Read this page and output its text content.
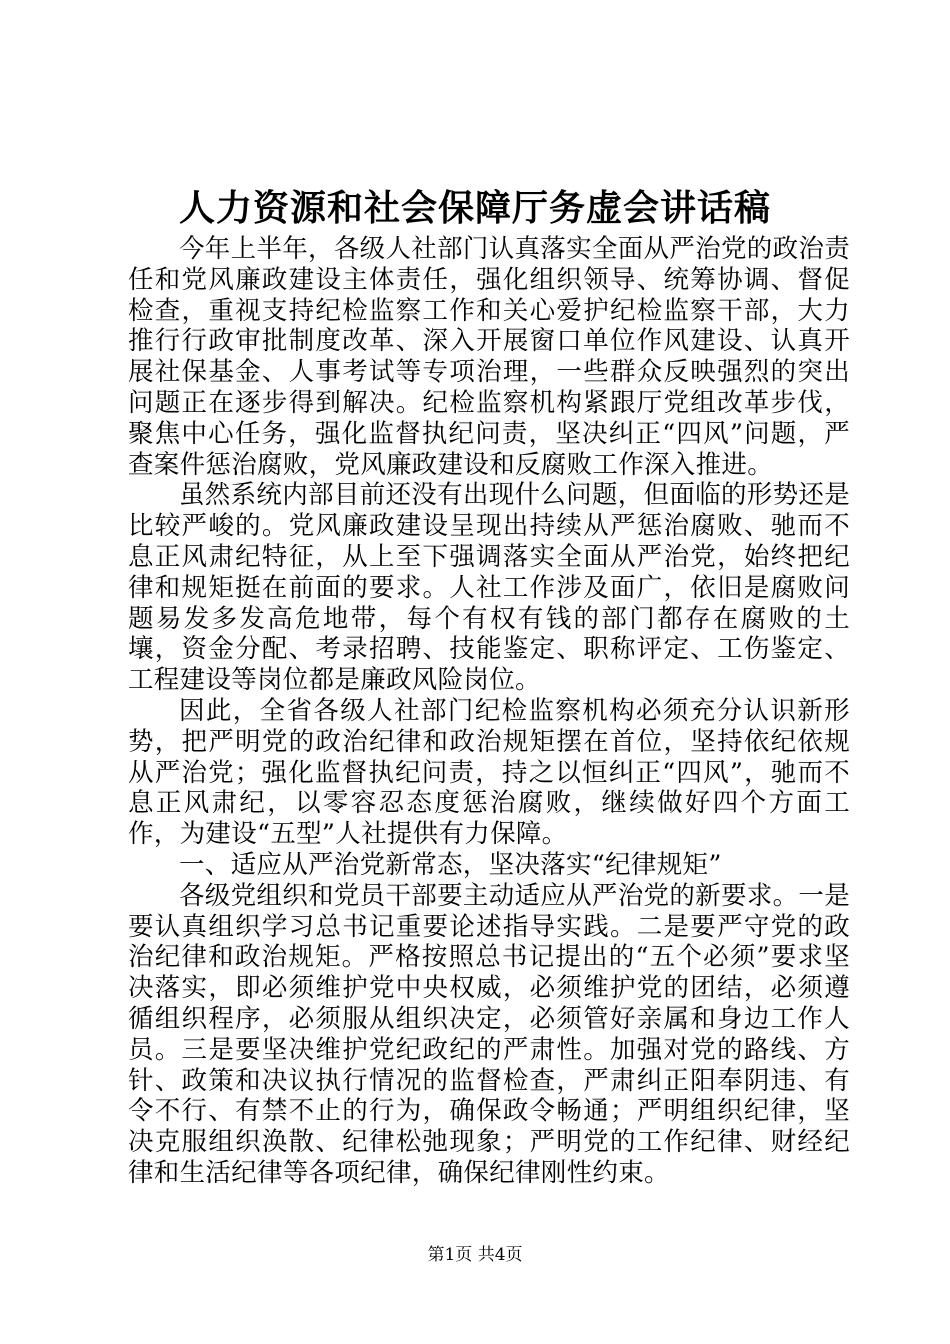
人力资源和社会保障厅务虚会讲话稿

今年上半年，各级人社部门认真落实全面从严治党的政治责任和党风廉政建设主体责任，强化组织领导、统筹协调、督促检查，重视支持纪检监察工作和关心爱护纪检监察干部，大力推行行政审批制度改革、深入开展窗口单位作风建设、认真开展社保基金、人事考试等专项治理，一些群众反映强烈的突出问题正在逐步得到解决。纪检监察机构紧跟厅党组改革步伐，聚焦中心任务，强化监督执纪问责，坚决纠正“四风”问题，严查案件惩治腐败，党风廉政建设和反腐败工作深入推进。

虽然系统内部目前还没有出现什么问题，但面临的形势还是比较严峻的。党风廉政建设呈现出持续从严惩治腐败、驰而不息正风肃纪特征，从上至下强调落实全面从严治党，始终把纪律和规矩挺在前面的要求。人社工作涉及面广，依旧是腐败问题易发多发高危地带，每个有权有钱的部门都存在腐败的土壤，资金分配、考录招聘、技能鉴定、职称评定、工伤鉴定、工程建设等岗位都是廉政风险岗位。

因此，全省各级人社部门纪检监察机构必须充分认识新形势，把严明党的政治纪律和政治规矩摆在首位，坚持依纪依规从严治党；强化监督执纪问责，持之以恒纠正“四风”，驰而不息正风肃纪，以零容忍态度惩治腐败，继续做好四个方面工作，为建设“五型”人社提供有力保障。

一、适应从严治党新常态，坚决落实“纪律规矩”

各级党组织和党员干部要主动适应从严治党的新要求。一是要认真组织学习总书记重要论述指导实践。二是要严守党的政治纪律和政治规矩。严格按照总书记提出的“五个必须”要求坚决落实，即必须维护党中央权威，必须维护党的团结，必须遵循组织程序，必须服从组织决定，必须管好亲属和身边工作人员。三是要坚决维护党纪政纪的严肃性。加强对党的路线、方针、政策和决议执行情况的监督检查，严肃纠正阳奉阴违、有令不行、有禁不止的行为，确保政令畅通；严明组织纪律，坚决克服组织涣散、纪律松弛现象；严明党的工作纪律、财经纪律和生活纪律等各项纪律，确保纪律刚性约束。

第1页 共4页
